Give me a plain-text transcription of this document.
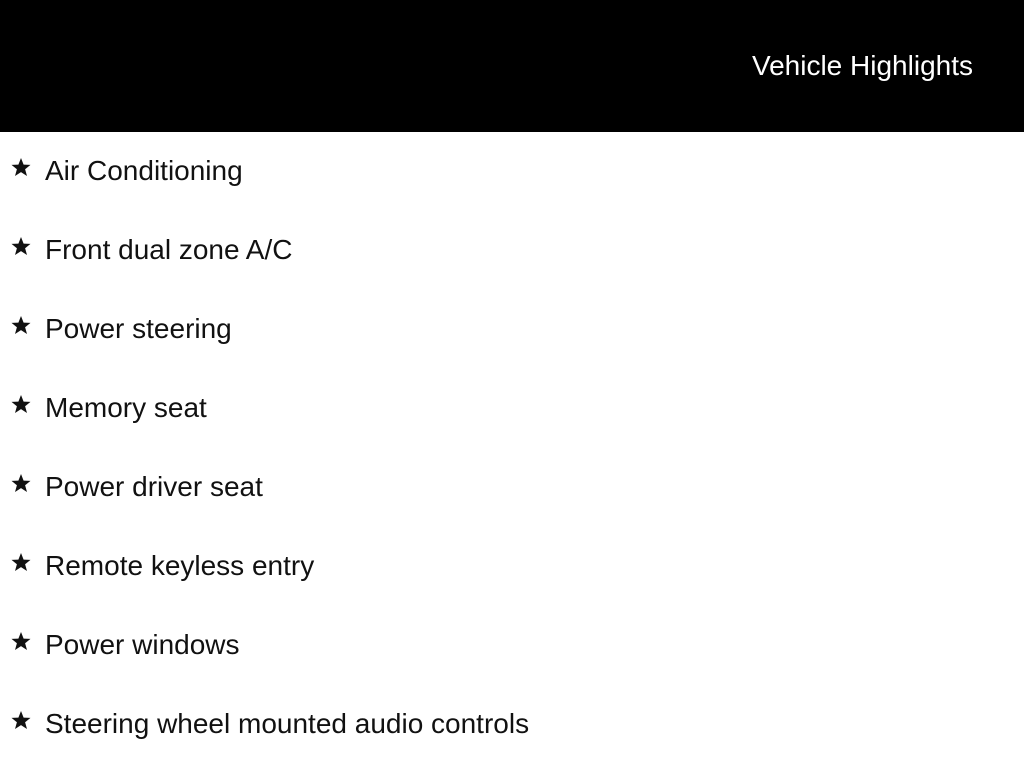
Vehicle Highlights
Air Conditioning
Front dual zone A/C
Power steering
Memory seat
Power driver seat
Remote keyless entry
Power windows
Steering wheel mounted audio controls
